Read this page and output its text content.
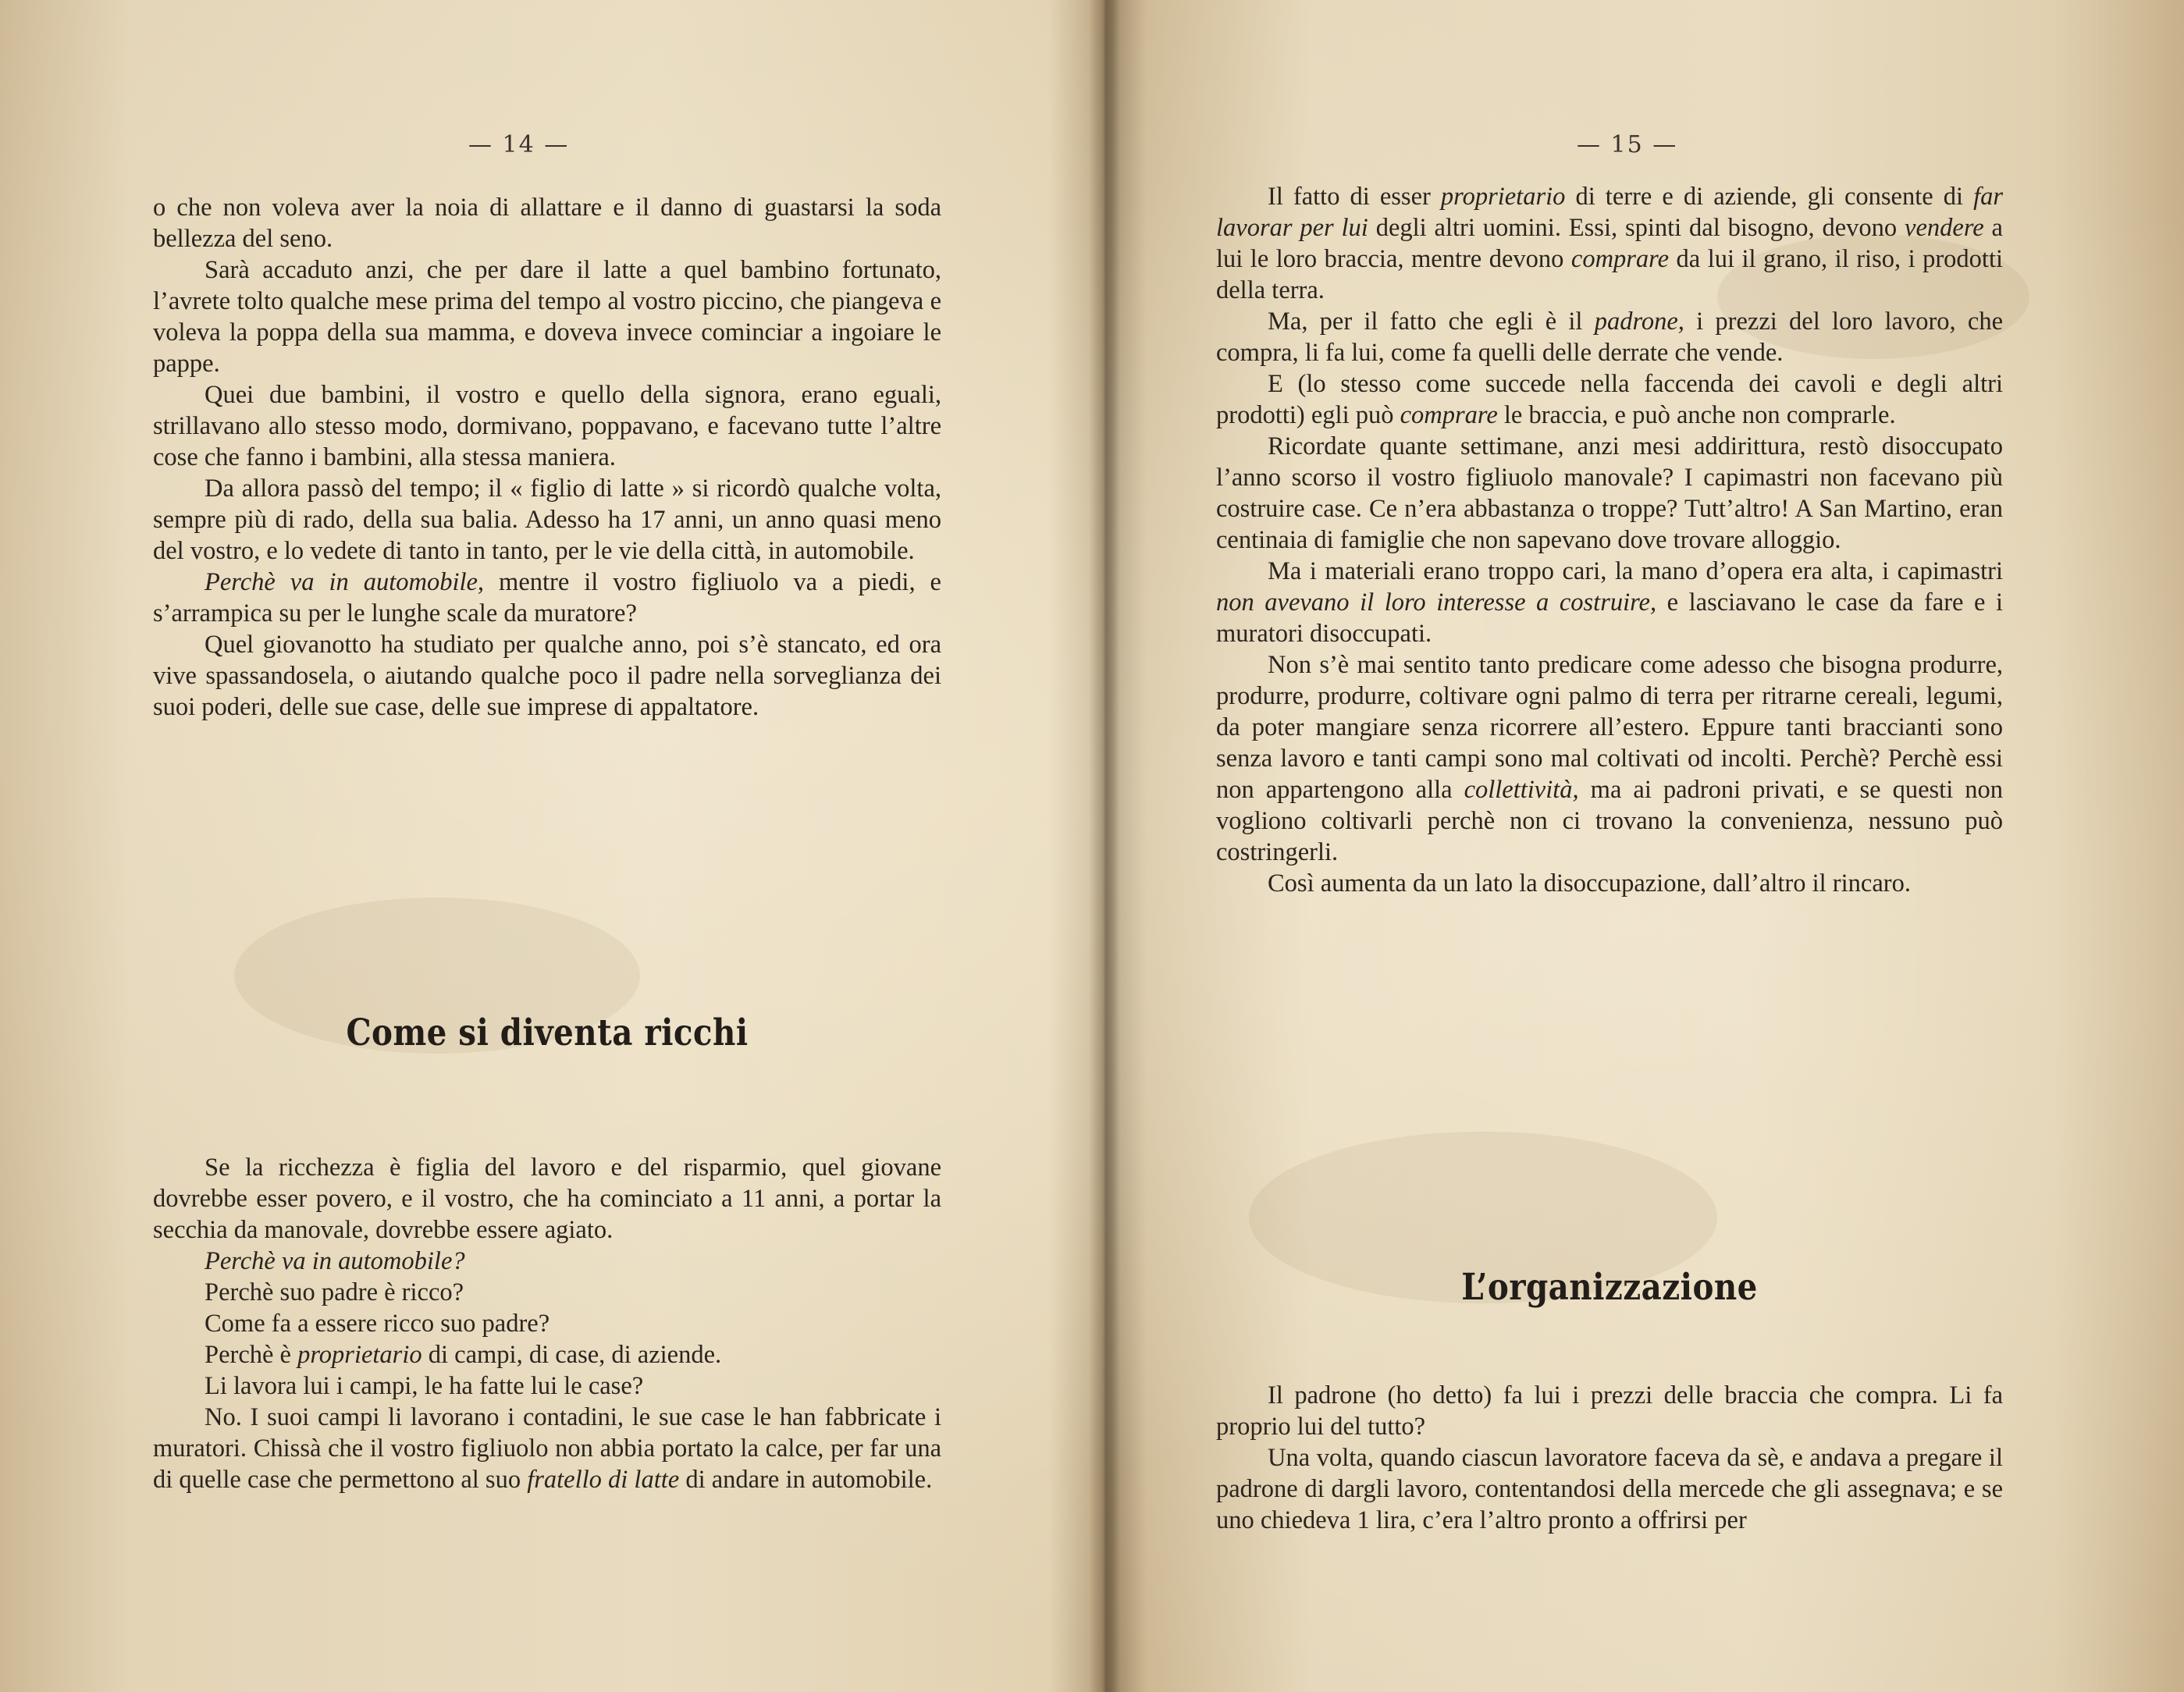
— 14 —

o che non voleva aver la noia di allattare e il danno di guastarsi la soda bellezza del seno.

Sarà accaduto anzi, che per dare il latte a quel bambino fortunato, l’avrete tolto qualche mese prima del tempo al vostro piccino, che piangeva e voleva la poppa della sua mamma, e doveva invece cominciar a ingoiare le pappe.

Quei due bambini, il vostro e quello della signora, erano eguali, strillavano allo stesso modo, dormivano, poppavano, e facevano tutte l’altre cose che fanno i bambini, alla stessa maniera.

Da allora passò del tempo; il « figlio di latte » si ricordò qualche volta, sempre più di rado, della sua balia. Adesso ha 17 anni, un anno quasi meno del vostro, e lo vedete di tanto in tanto, per le vie della città, in automobile.

Perchè va in automobile, mentre il vostro figliuolo va a piedi, e s’arrampica su per le lunghe scale da muratore?

Quel giovanotto ha studiato per qualche anno, poi s’è stancato, ed ora vive spassandosela, o aiutando qualche poco il padre nella sorveglianza dei suoi poderi, delle sue case, delle sue imprese di appaltatore.

Come si diventa ricchi

Se la ricchezza è figlia del lavoro e del risparmio, quel giovane dovrebbe esser povero, e il vostro, che ha cominciato a 11 anni, a portar la secchia da manovale, dovrebbe essere agiato.

Perchè va in automobile?

Perchè suo padre è ricco?

Come fa a essere ricco suo padre?

Perchè è proprietario di campi, di case, di aziende.

Li lavora lui i campi, le ha fatte lui le case?

No. I suoi campi li lavorano i contadini, le sue case le han fabbricate i muratori. Chissà che il vostro figliuolo non abbia portato la calce, per far una di quelle case che permettono al suo fratello di latte di andare in automobile.

— 15 —

Il fatto di esser proprietario di terre e di aziende, gli consente di far lavorar per lui degli altri uomini. Essi, spinti dal bisogno, devono vendere a lui le loro braccia, mentre devono comprare da lui il grano, il riso, i prodotti della terra.

Ma, per il fatto che egli è il padrone, i prezzi del loro lavoro, che compra, li fa lui, come fa quelli delle derrate che vende.

E (lo stesso come succede nella faccenda dei cavoli e degli altri prodotti) egli può comprare le braccia, e può anche non comprarle.

Ricordate quante settimane, anzi mesi addirittura, restò disoccupato l’anno scorso il vostro figliuolo manovale? I capimastri non facevano più costruire case. Ce n’era abbastanza o troppe? Tutt’altro! A San Martino, eran centinaia di famiglie che non sapevano dove trovare alloggio.

Ma i materiali erano troppo cari, la mano d’opera era alta, i capimastri non avevano il loro interesse a costruire, e lasciavano le case da fare e i muratori disoccupati.

Non s’è mai sentito tanto predicare come adesso che bisogna produrre, produrre, produrre, coltivare ogni palmo di terra per ritrarne cereali, legumi, da poter mangiare senza ricorrere all’estero. Eppure tanti braccianti sono senza lavoro e tanti campi sono mal coltivati od incolti. Perchè? Perchè essi non appartengono alla collettività, ma ai padroni privati, e se questi non vogliono coltivarli perchè non ci trovano la convenienza, nessuno può costringerli.

Così aumenta da un lato la disoccupazione, dall’altro il rincaro.

L’organizzazione

Il padrone (ho detto) fa lui i prezzi delle braccia che compra. Li fa proprio lui del tutto?

Una volta, quando ciascun lavoratore faceva da sè, e andava a pregare il padrone di dargli lavoro, contentandosi della mercede che gli assegnava; e se uno chiedeva 1 lira, c’era l’altro pronto a offrirsi per
